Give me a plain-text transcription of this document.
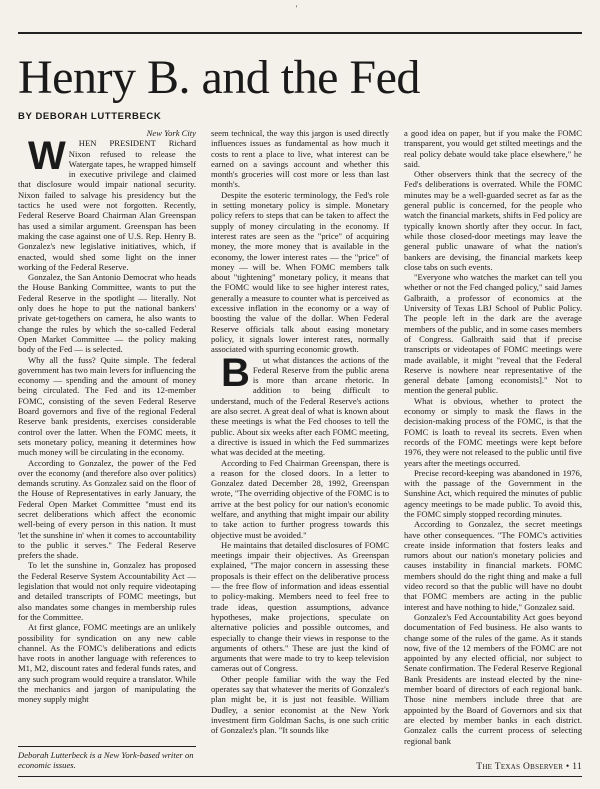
'
Henry B. and the Fed

BY DEBORAH LUTTERBECK

New York City

W HEN PRESIDENT Richard Nixon refused to release the Watergate tapes, he wrapped himself in executive privilege and claimed that disclosure would impair national security. Nixon failed to salvage his presidency but the tactics he used were not forgotten. Recently, Federal Reserve Board Chairman Alan Greenspan has used a similar argument. Greenspan has been making the case against one of U.S. Rep. Henry B. Gonzalez's new legislative initiatives, which, if enacted, would shed some light on the inner working of the Federal Reserve.

Gonzalez, the San Antonio Democrat who heads the House Banking Committee, wants to put the Federal Reserve in the spotlight — literally. Not only does he hope to put the national bankers' private get-togethers on camera, he also wants to change the rules by which the so-called Federal Open Market Committee — the policy making body of the Fed — is selected.

Why all the fuss? Quite simple. The federal government has two main levers for influencing the economy — spending and the amount of money being circulated. The Fed and its 12-member FOMC, consisting of the seven Federal Reserve Board governors and five of the regional Federal Reserve bank presidents, exercises considerable control over the latter. When the FOMC meets, it sets monetary policy, meaning it determines how much money will be circulating in the economy.

According to Gonzalez, the power of the Fed over the economy (and therefore also over politics) demands scrutiny. As Gonzalez said on the floor of the House of Representatives in early January, the Federal Open Market Committee "must end its secret deliberations which affect the economic well-being of every person in this nation. It must 'let the sunshine in' when it comes to accountability to the public it serves." The Federal Reserve prefers the shade.

To let the sunshine in, Gonzalez has proposed the Federal Reserve System Accountability Act — legislation that would not only require videotaping and detailed transcripts of FOMC meetings, but also mandates some changes in membership rules for the Committee.

At first glance, FOMC meetings are an unlikely possibility for syndication on any new cable channel. As the FOMC's deliberations and edicts have roots in another language with references to M1, M2, discount rates and federal funds rates, and any such program would require a translator. While the mechanics and jargon of manipulating the money supply might

seem technical, the way this jargon is used directly influences issues as fundamental as how much it costs to rent a place to live, what interest can be earned on a savings account and whether this month's groceries will cost more or less than last month's.

Despite the esoteric terminology, the Fed's role in setting monetary policy is simple. Monetary policy refers to steps that can be taken to affect the supply of money circulating in the economy. If interest rates are seen as the "price" of acquiring money, the more money that is available in the economy, the lower interest rates — the "price" of money — will be. When FOMC members talk about "tightening" monetary policy, it means that the FOMC would like to see higher interest rates, generally a measure to counter what is perceived as excessive inflation in the economy or a way of boosting the value of the dollar. When Federal Reserve officials talk about easing monetary policy, it signals lower interest rates, normally associated with spurring economic growth.

B ut what distances the actions of the Federal Reserve from the public arena is more than arcane rhetoric. In addition to being difficult to understand, much of the Federal Reserve's actions are also secret. A great deal of what is known about these meetings is what the Fed chooses to tell the public. About six weeks after each FOMC meeting, a directive is issued in which the Fed summarizes what was decided at the meeting.

According to Fed Chairman Greenspan, there is a reason for the closed doors. In a letter to Gonzalez dated December 28, 1992, Greenspan wrote, "The overriding objective of the FOMC is to arrive at the best policy for our nation's economic welfare, and anything that might impair our ability to take action to further progress towards this objective must be avoided."

He maintains that detailed disclosures of FOMC meetings impair their objectives. As Greenspan explained, "The major concern in assessing these proposals is their effect on the deliberative process — the free flow of information and ideas essential to policy-making. Members need to feel free to trade ideas, question assumptions, advance hypotheses, make projections, speculate on alternative policies and possible outcomes, and especially to change their views in response to the arguments of others." These are just the kind of arguments that were made to try to keep television cameras out of Congress.

Other people familiar with the way the Fed operates say that whatever the merits of Gonzalez's plan might be, it is just not feasible. William Dudley, a senior economist at the New York investment firm Goldman Sachs, is one such critic of Gonzalez's plan. "It sounds like

a good idea on paper, but if you make the FOMC transparent, you would get stilted meetings and the real policy debate would take place elsewhere," he said.

Other observers think that the secrecy of the Fed's deliberations is overrated. While the FOMC minutes may be a well-guarded secret as far as the general public is concerned, for the people who watch the financial markets, shifts in Fed policy are typically known shortly after they occur. In fact, while those closed-door meetings may leave the general public unaware of what the nation's bankers are devising, the financial markets keep close tabs on such events.

"Everyone who watches the market can tell you whether or not the Fed changed policy," said James Galbraith, a professor of economics at the University of Texas LBJ School of Public Policy. The people left in the dark are the average members of the public, and in some cases members of Congress. Galbraith said that if precise transcripts or videotapes of FOMC meetings were made available, it might "reveal that the Federal Reserve is nowhere near representative of the general debate [among economists]." Not to mention the general public.

What is obvious, whether to protect the economy or simply to mask the flaws in the decision-making process of the FOMC, is that the FOMC is loath to reveal its secrets. Even when records of the FOMC meetings were kept before 1976, they were not released to the public until five years after the meetings occurred.

Precise record-keeping was abandoned in 1976, with the passage of the Government in the Sunshine Act, which required the minutes of public agency meetings to be made public. To avoid this, the FOMC simply stopped recording minutes.

According to Gonzalez, the secret meetings have other consequences. "The FOMC's activities create inside information that fosters leaks and rumors about our nation's monetary policies and causes instability in financial markets. FOMC members should do the right thing and make a full video record so that the public will have no doubt that FOMC members are acting in the public interest and have nothing to hide," Gonzalez said.

Gonzalez's Fed Accountability Act goes beyond documentation of Fed business. He also wants to change some of the rules of the game. As it stands now, five of the 12 members of the FOMC are not appointed by any elected official, nor subject to Senate confirmation. The Federal Reserve Regional Bank Presidents are instead elected by the nine-member board of directors of each regional bank. Those nine members include three that are appointed by the Board of Governors and six that are elected by member banks in each district. Gonzalez calls the current process of selecting regional bank

Deborah Lutterbeck is a New York-based writer on economic issues.	The Texas Observer • 11
